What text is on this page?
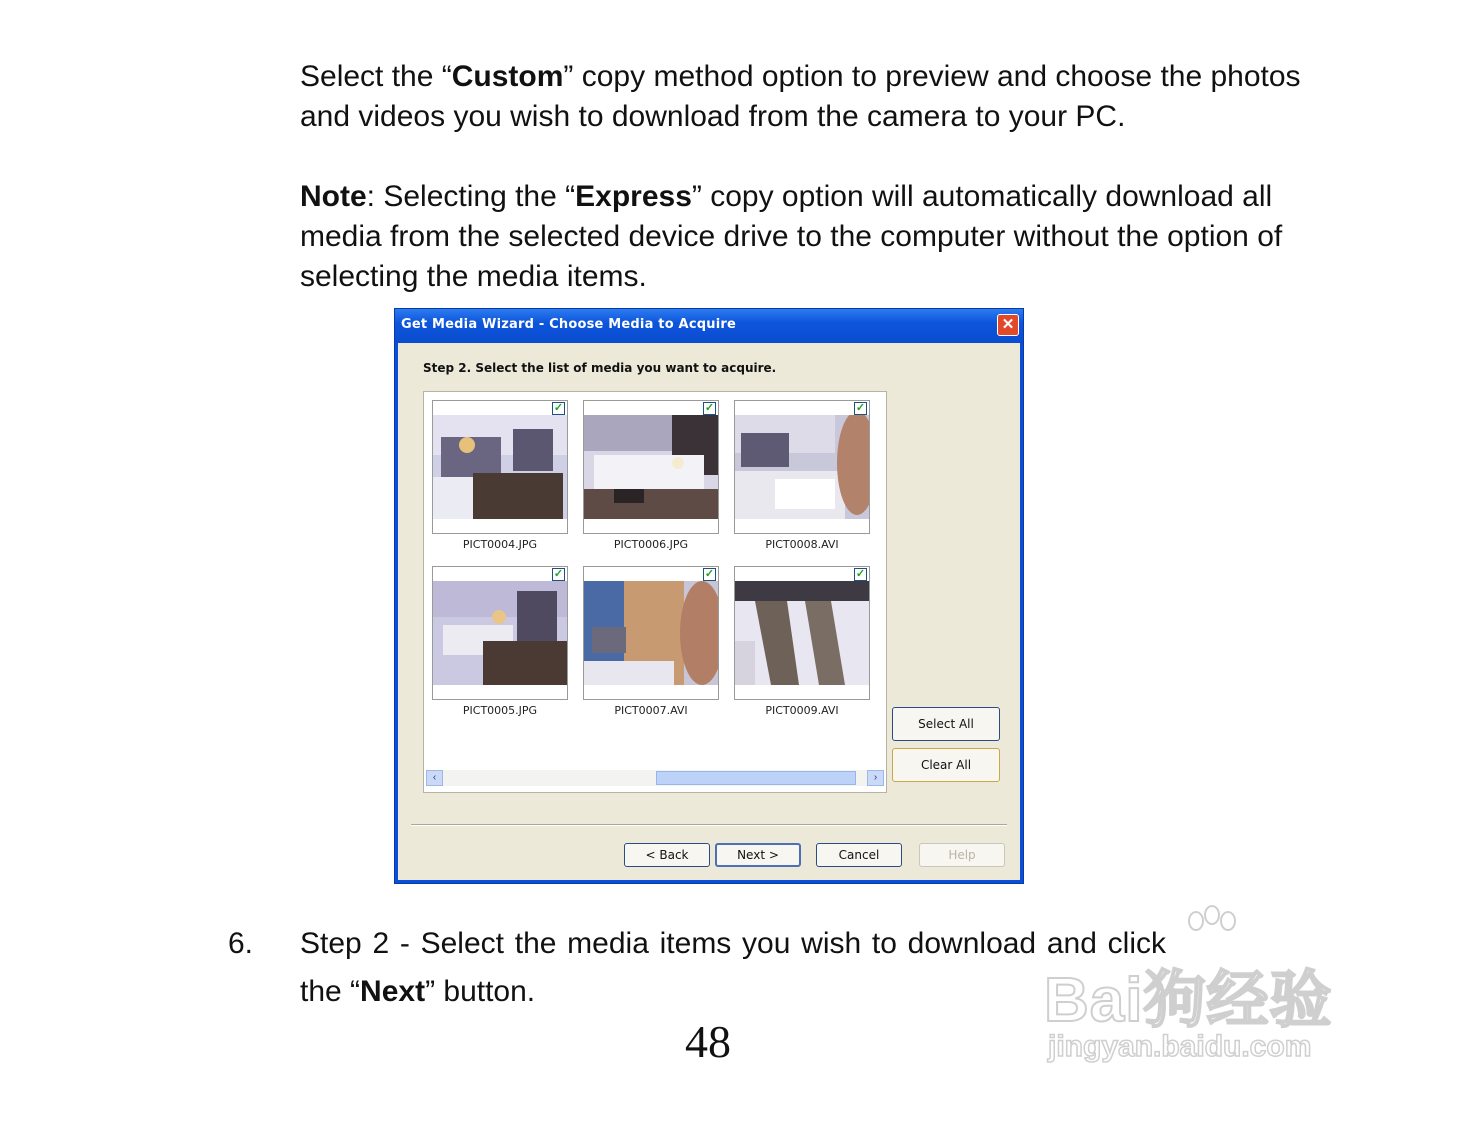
Select the “Custom” copy method option to preview and choose the photos and videos you wish to download from the camera to your PC.

Note: Selecting the “Express” copy option will automatically download all media from the selected device drive to the computer without the option of selecting the media items.

Get Media Wizard - Choose Media to Acquire	✕
Step 2. Select the list of media you want to acquire.
✓
PICT0004.JPG
✓
PICT0006.JPG
✓
PICT0008.AVI
✓
PICT0005.JPG
✓
PICT0007.AVI
✓
PICT0009.AVI
‹	›
Select All
Clear All
< Back	Next >	Cancel	Help
6. Step 2 - Select the media items you wish to download and click the “Next” button.
48
Bai狗经验
jingyan.baidu.com
